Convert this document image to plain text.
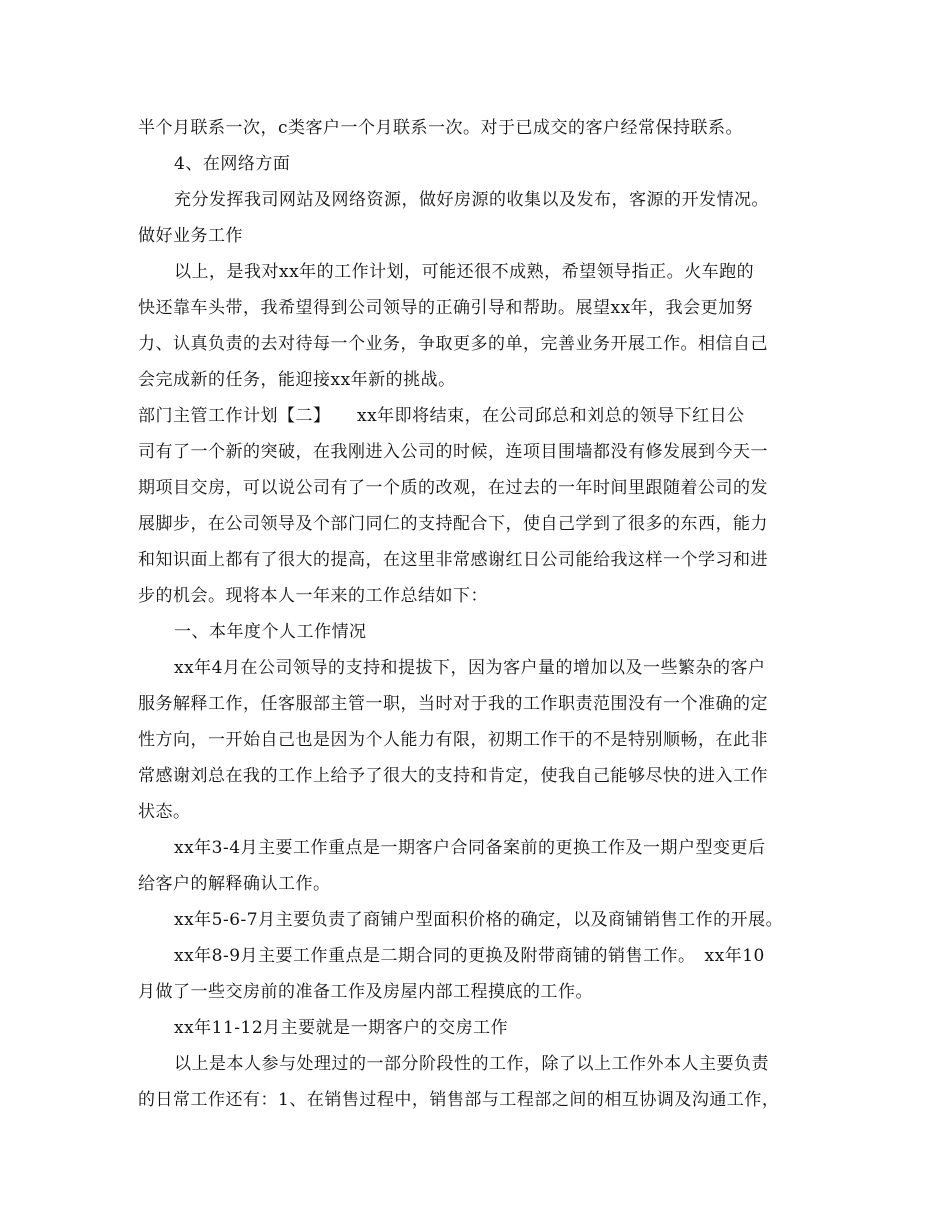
半个月联系一次，c类客户一个月联系一次。对于已成交的客户经常保持联系。
4、在网络方面
充分发挥我司网站及网络资源，做好房源的收集以及发布，客源的开发情况。
做好业务工作
以上，是我对xx年的工作计划，可能还很不成熟，希望领导指正。火车跑的
快还靠车头带，我希望得到公司领导的正确引导和帮助。展望xx年，我会更加努
力、认真负责的去对待每一个业务，争取更多的单，完善业务开展工作。相信自己
会完成新的任务，能迎接xx年新的挑战。
部门主管工作计划【二】　　xx年即将结束，在公司邱总和刘总的领导下红日公
司有了一个新的突破，在我刚进入公司的时候，连项目围墙都没有修发展到今天一
期项目交房，可以说公司有了一个质的改观，在过去的一年时间里跟随着公司的发
展脚步，在公司领导及个部门同仁的支持配合下，使自己学到了很多的东西，能力
和知识面上都有了很大的提高，在这里非常感谢红日公司能给我这样一个学习和进
步的机会。现将本人一年来的工作总结如下：
一、本年度个人工作情况
xx年4月在公司领导的支持和提拔下，因为客户量的增加以及一些繁杂的客户
服务解释工作，任客服部主管一职，当时对于我的工作职责范围没有一个准确的定
性方向，一开始自己也是因为个人能力有限，初期工作干的不是特别顺畅，在此非
常感谢刘总在我的工作上给予了很大的支持和肯定，使我自己能够尽快的进入工作
状态。
xx年3-4月主要工作重点是一期客户合同备案前的更换工作及一期户型变更后
给客户的解释确认工作。
xx年5-6-7月主要负责了商铺户型面积价格的确定，以及商铺销售工作的开展。
xx年8-9月主要工作重点是二期合同的更换及附带商铺的销售工作。　xx年10
月做了一些交房前的准备工作及房屋内部工程摸底的工作。
xx年11-12月主要就是一期客户的交房工作
以上是本人参与处理过的一部分阶段性的工作，除了以上工作外本人主要负责
的日常工作还有：1、在销售过程中，销售部与工程部之间的相互协调及沟通工作，
